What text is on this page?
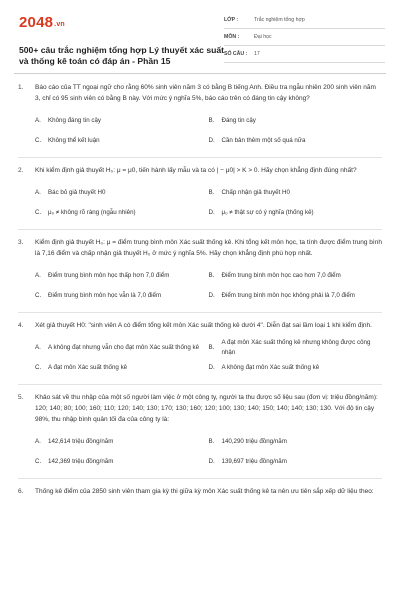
2048.vn
500+ câu trắc nghiệm tổng hợp Lý thuyết xác suất và thống kê toán có đáp án - Phần 15
LỚP :	Trắc nghiệm tổng hợp
MÔN :	Đại học
SỐ CÂU :	17
1.	Báo cáo của TT ngoại ngữ cho rằng 60% sinh viên năm 3 có bằng B tiếng Anh. Điều tra ngẫu nhiên 200 sinh viên năm 3, chỉ có 95 sinh viên có bằng B này. Với mức ý nghĩa 5%, báo cáo trên có đáng tin cậy không?
A.	Không đáng tin cậy	B.	Đáng tin cậy
C.	Không thể kết luận	D.	Cần bản thêm một số quá nữa
2.	Khi kiểm định giả thuyết H₀: μ = μ0, tiến hành lấy mẫu và ta có | − μ0| > K > 0. Hãy chọn khẳng định đúng nhất?
A.	Bác bỏ giả thuyết H0	B.	Chấp nhận giả thuyết H0
C.	μ₀ ≠ không rõ ràng (ngẫu nhiên)	D.	μ₀ ≠ thật sự có ý nghĩa (thống kê)
3.	Kiểm định giả thuyết H₀: μ = điểm trung bình môn Xác suất thống kê. Khi tổng kết môn học, ta tính được điểm trung bình là 7,16 điểm và chấp nhận giả thuyết H₀ ở mức ý nghĩa 5%. Hãy chọn khẳng định phù hợp nhất.
A.	Điểm trung bình môn học thấp hơn 7,0 điểm	B.	Điểm trung bình môn học cao hơn 7,0 điểm
C.	Điểm trung bình môn học vẫn là 7,0 điểm	D.	Điểm trung bình môn học không phải là 7,0 điểm
4.	Xét giả thuyết H0: "sinh viên A có điểm tổng kết môn Xác suất thống kê dưới 4". Diễn đạt sai lầm loại 1 khi kiểm định.
A.	A không đạt nhưng vẫn cho đạt môn Xác suất thống kê	B.
A đạt môn Xác suất thống kê nhưng không được công nhận
C.	A đạt môn Xác suất thống kê	D.	A không đạt môn Xác suất thống kê
5.	Khảo sát về thu nhập của một số người làm việc ở một công ty, người ta thu được số liệu sau (đơn vị: triệu đồng/năm): 120; 140; 80; 100; 160; 110; 120; 140; 130; 170; 130; 160; 120; 100; 130; 140; 150; 140; 140; 130; 130. Với độ tin cậy 98%, thu nhập bình quân tối đa của công ty là:
A.	142,614 triệu đồng/năm	B.	140,290 triệu đồng/năm
C.	142,369 triệu đồng/năm	D.	139,697 triệu đồng/năm
6.	Thống kê điểm của 2850 sinh viên tham gia kỳ thi giữa kỳ môn Xác suất thống kê ta nên ưu tiên sắp xếp dữ liệu theo:
